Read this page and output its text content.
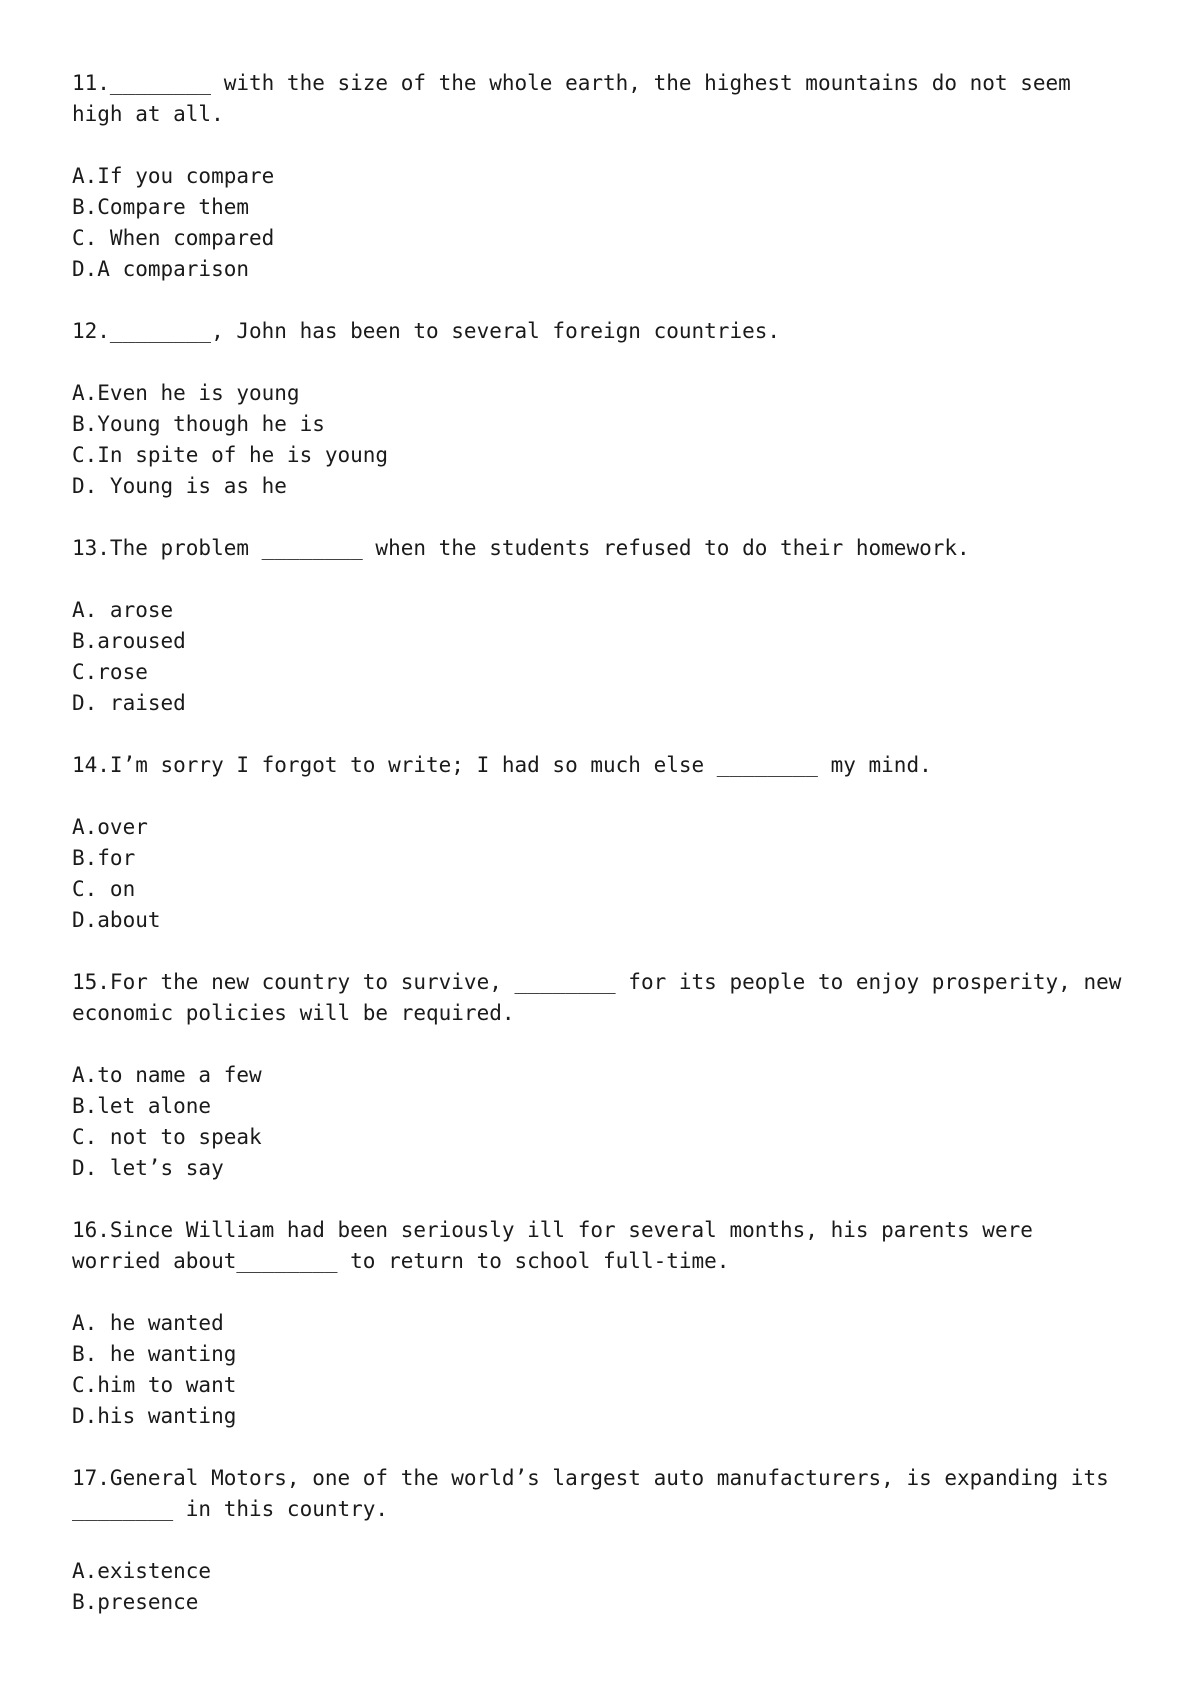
11.________ with the size of the whole earth, the highest mountains do not seem high at all.

A.If you compare

B.Compare them

C. When compared

D.A comparison

12.________, John has been to several foreign countries.

A.Even he is young

B.Young though he is

C.In spite of he is young

D. Young is as he

13.The problem ________ when the students refused to do their homework.

A. arose

B.aroused

C.rose

D. raised

14.I’m sorry I forgot to write; I had so much else ________ my mind.

A.over

B.for

C. on

D.about

15.For the new country to survive, ________ for its people to enjoy prosperity, new economic policies will be required.

A.to name a few

B.let alone

C. not to speak

D. let’s say

16.Since William had been seriously ill for several months, his parents were worried about________ to return to school full-time.

A. he wanted

B. he wanting

C.him to want

D.his wanting

17.General Motors, one of the world’s largest auto manufacturers, is expanding its ________ in this country.

A.existence

B.presence
